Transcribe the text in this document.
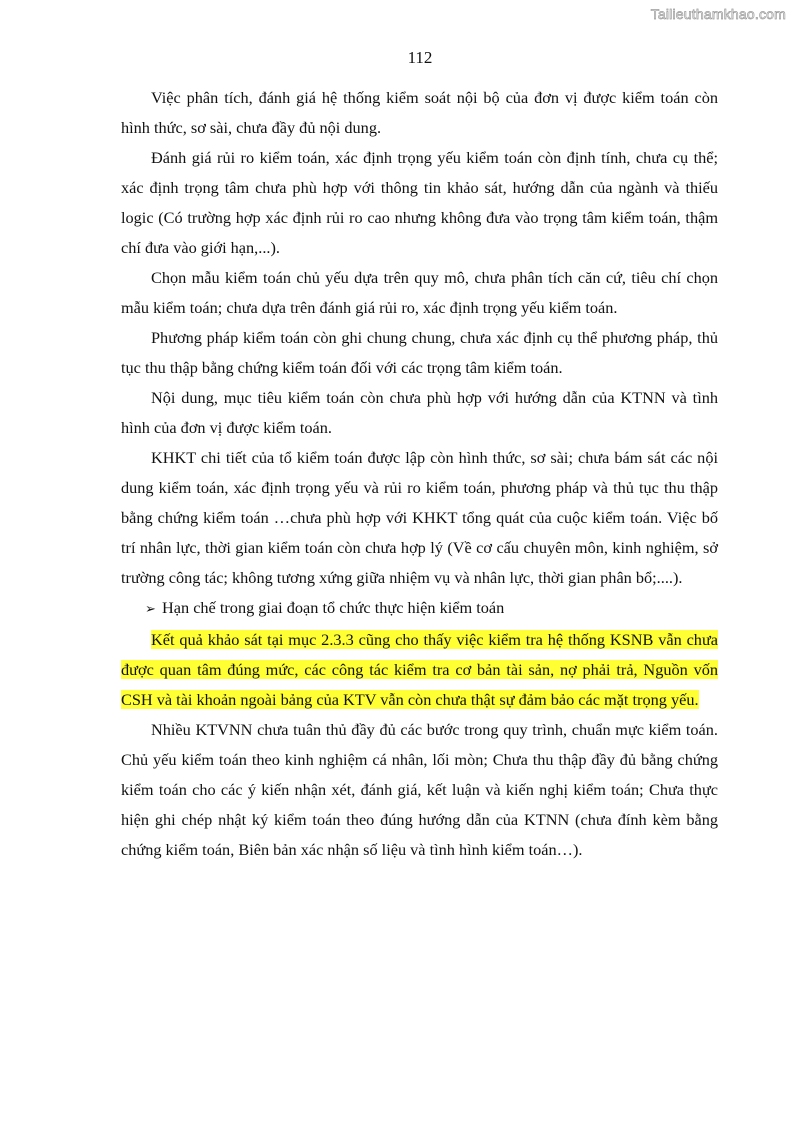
Tailieuthamkhao.com
112

Việc phân tích, đánh giá hệ thống kiểm soát nội bộ của đơn vị được kiểm toán còn hình thức, sơ sài, chưa đầy đủ nội dung.

Đánh giá rủi ro kiểm toán, xác định trọng yếu kiểm toán còn định tính, chưa cụ thể; xác định trọng tâm chưa phù hợp với thông tin khảo sát, hướng dẫn của ngành và thiếu logic (Có trường hợp xác định rủi ro cao nhưng không đưa vào trọng tâm kiểm toán, thậm chí đưa vào giới hạn,...).

Chọn mẫu kiểm toán chủ yếu dựa trên quy mô, chưa phân tích căn cứ, tiêu chí chọn mẫu kiểm toán; chưa dựa trên đánh giá rủi ro, xác định trọng yếu kiểm toán.

Phương pháp kiểm toán còn ghi chung chung, chưa xác định cụ thể phương pháp, thủ tục thu thập bằng chứng kiểm toán đối với các trọng tâm kiểm toán.

Nội dung, mục tiêu kiểm toán còn chưa phù hợp với hướng dẫn của KTNN và tình hình của đơn vị được kiểm toán.

KHKT chi tiết của tổ kiểm toán được lập còn hình thức, sơ sài; chưa bám sát các nội dung kiểm toán, xác định trọng yếu và rủi ro kiểm toán, phương pháp và thủ tục thu thập bằng chứng kiểm toán …chưa phù hợp với KHKT tổng quát của cuộc kiểm toán. Việc bố trí nhân lực, thời gian kiểm toán còn chưa hợp lý (Về cơ cấu chuyên môn, kinh nghiệm, sở trường công tác; không tương xứng giữa nhiệm vụ và nhân lực, thời gian phân bổ;....).

➢ Hạn chế trong giai đoạn tổ chức thực hiện kiểm toán

Kết quả khảo sát tại mục 2.3.3 cũng cho thấy việc kiểm tra hệ thống KSNB vẫn chưa được quan tâm đúng mức, các công tác kiểm tra cơ bản tài sản, nợ phải trả, Nguồn vốn CSH và tài khoản ngoài bảng của KTV vẫn còn chưa thật sự đảm bảo các mặt trọng yếu.

Nhiều KTVNN chưa tuân thủ đầy đủ các bước trong quy trình, chuẩn mực kiểm toán. Chủ yếu kiểm toán theo kinh nghiệm cá nhân, lối mòn; Chưa thu thập đầy đủ bằng chứng kiểm toán cho các ý kiến nhận xét, đánh giá, kết luận và kiến nghị kiểm toán; Chưa thực hiện ghi chép nhật ký kiểm toán theo đúng hướng dẫn của KTNN (chưa đính kèm bằng chứng kiểm toán, Biên bản xác nhận số liệu và tình hình kiểm toán…).
